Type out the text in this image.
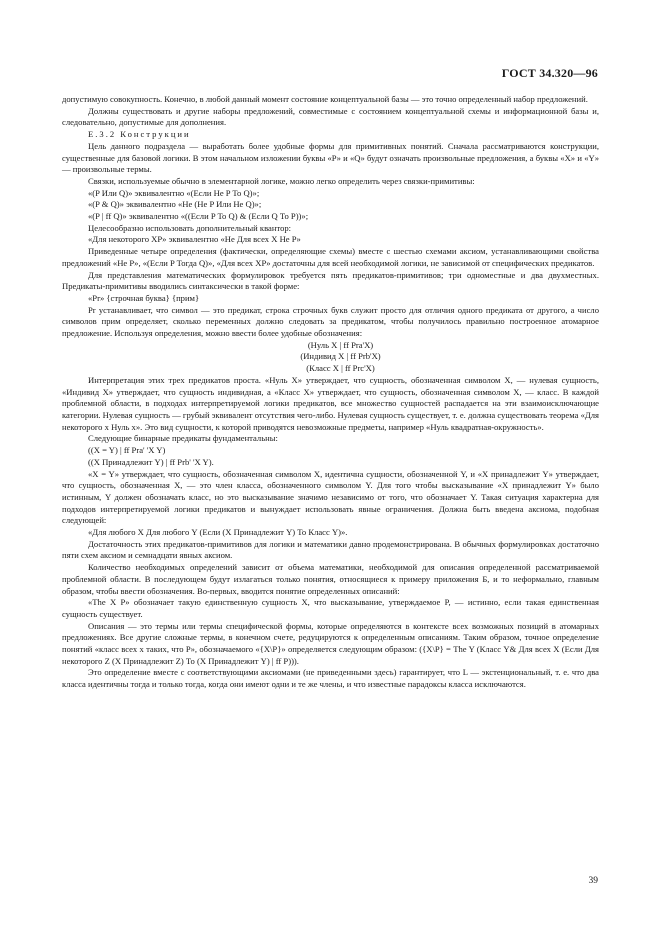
ГОСТ 34.320—96

допустимую совокупность. Конечно, в любой данный момент состояние концептуальной базы — это точно определенный набор предложений.

Должны существовать и другие наборы предложений, совместимые с состоянием концептуальной схемы и информационной базы и, следовательно, допустимые для дополнения.

Е.3.2 Конструкции

Цель данного подраздела — выработать более удобные формы для примитивных понятий. Сначала рассматриваются конструкции, существенные для базовой логики. В этом начальном изложении буквы «P» и «Q» будут означать произвольные предложения, а буквы «X» и «Y» — произвольные термы.

Связки, используемые обычно в элементарной логике, можно легко определить через связки-примитивы:

«(P Или Q)» эквивалентно «(Если Не P То Q)»;

«(P & Q)» эквивалентно «Не (Не P Или Не Q)»;

«(P | ff Q)» эквивалентно «((Если P То Q) & (Если Q То P))»;

Целесообразно использовать дополнительный квантор:

«Для некоторого XP» эквивалентно «Не Для всех X Не P»

Приведенные четыре определения (фактически, определяющие схемы) вместе с шестью схемами аксиом, устанавливающими свойства предложений «Не P», «(Если P Тогда Q)», «Для всех XP» достаточны для всей необходимой логики, не зависимой от специфических предикатов.

Для представления математических формулировок требуется пять предикатов-примитивов; три одноместные и два двухместных. Предикаты-примитивы вводились синтаксически в такой форме:

«Pr» {строчная буква} {прим}

Pr устанавливает, что символ — это предикат, строка строчных букв служит просто для отличия одного предиката от другого, а число символов прим определяет, сколько переменных должно следовать за предикатом, чтобы получилось правильно построенное атомарное предложение. Используя определения, можно ввести более удобные обозначения:

(Нуль X | ff Pra'X)

(Индивид X | ff Prb'X)

(Класс X | ff Prc'X)

Интерпретация этих трех предикатов проста. «Нуль X» утверждает, что сущность, обозначенная символом X, — нулевая сущность, «Индивид X» утверждает, что сущность индивидная, а «Класс X» утверждает, что сущность, обозначенная символом X, — класс. В каждой проблемной области, в подходах интерпретируемой логики предикатов, все множество сущностей распадается на эти взаимоисключающие категории. Нулевая сущность — грубый эквивалент отсутствия чего-либо. Нулевая сущность существует, т. е. должна существовать теорема «Для некоторого x Нуль x». Это вид сущности, к которой приводятся невозможные предметы, например «Нуль квадратная-окружность».

Следующие бинарные предикаты фундаментальны:

((X = Y) | ff Pra' 'X Y)

((X Принадлежит Y) | ff Prb' 'X Y).

«X = Y» утверждает, что сущность, обозначенная символом X, идентична сущности, обозначенной Y, и «X принадлежит Y» утверждает, что сущность, обозначенная X, — это член класса, обозначенного символом Y. Для того чтобы высказывание «X принадлежит Y» было истинным, Y должен обозначать класс, но это высказывание значимо независимо от того, что обозначает Y. Такая ситуация характерна для подходов интерпретируемой логики предикатов и вынуждает использовать явные ограничения. Должна быть введена аксиома, подобная следующей:

«Для любого X Для любого Y (Если (X Принадлежит Y) То Класс Y)».

Достаточность этих предикатов-примитивов для логики и математики давно продемонстрирована. В обычных формулировках достаточно пяти схем аксиом и семнадцати явных аксиом.

Количество необходимых определений зависит от объема математики, необходимой для описания определенной рассматриваемой проблемной области. В последующем будут излагаться только понятия, относящиеся к примеру приложения Б, и то неформально, главным образом, чтобы ввести обозначения. Во-первых, вводится понятие определенных описаний:

«The X P» обозначает такую единственную сущность X, что высказывание, утверждаемое P, — истинно, если такая единственная сущность существует.

Описания — это термы или термы специфической формы, которые определяются в контексте всех возможных позиций в атомарных предложениях. Все другие сложные термы, в конечном счете, редуцируются к определенным описаниям. Таким образом, точное определение понятий «класс всех x таких, что P», обозначаемого «{X\P}» определяется следующим образом: ({X\P} = The Y (Класс Y& Для всех X (Если Для некоторого Z (X Принадлежит Z) То (X Принадлежит Y) | ff P))).

Это определение вместе с соответствующими аксиомами (не приведенными здесь) гарантирует, что L — экстенциональный, т. е. что два класса идентичны тогда и только тогда, когда они имеют одни и те же члены, и что известные парадоксы класса исключаются.

39
